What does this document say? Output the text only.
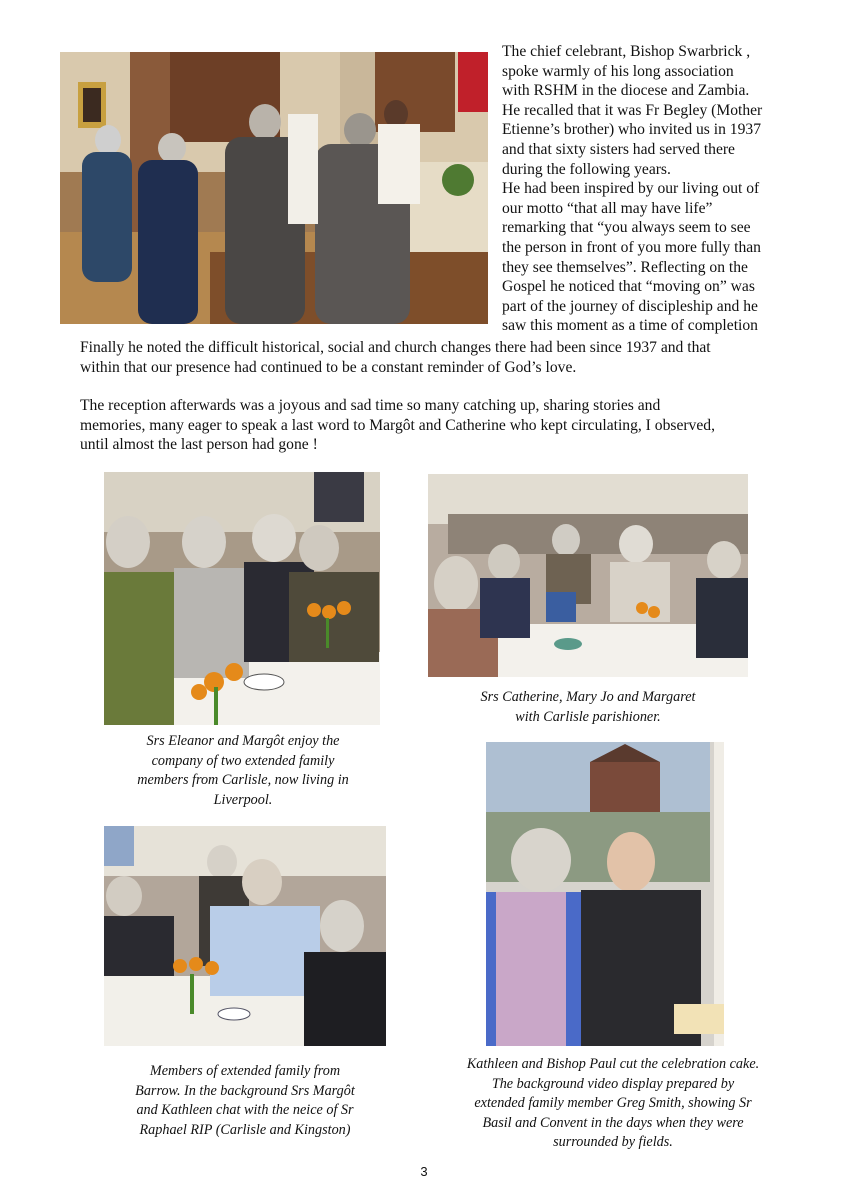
The chief celebrant, Bishop Swarbrick ,
spoke warmly of his long association
with RSHM in the diocese and Zambia.
He recalled that it was Fr Begley (Mother
Etienne’s brother) who invited us in 1937
and that sixty sisters had served there
during the following years.
He had been inspired by our living out of
our motto “that all may have life”
remarking that “you always seem to see
the person in front of you more fully than
they see themselves”. Reflecting on the
Gospel he noticed that “moving on” was
part of the journey of discipleship and he
saw this moment as a time of completion
Finally he noted the difficult historical, social and church changes there had been since 1937 and that
within that our presence had continued to be a constant reminder of God’s love.
The reception afterwards was a joyous and sad time so many catching up, sharing stories and
memories, many eager to speak a last word to Margôt and Catherine who kept circulating, I observed,
until almost the last person had gone !
Srs Eleanor and Margôt enjoy the
company of two extended family
members from Carlisle, now living in
Liverpool.
Srs Catherine, Mary Jo and Margaret
with Carlisle parishioner.
Members of extended family from
Barrow. In the background Srs Margôt
and Kathleen chat with the neice of Sr
Raphael RIP (Carlisle and Kingston)
Kathleen and Bishop Paul cut the celebration cake.
The background video display prepared by
extended family member Greg Smith, showing Sr
Basil and Convent in the days when they were
surrounded by fields.
3
